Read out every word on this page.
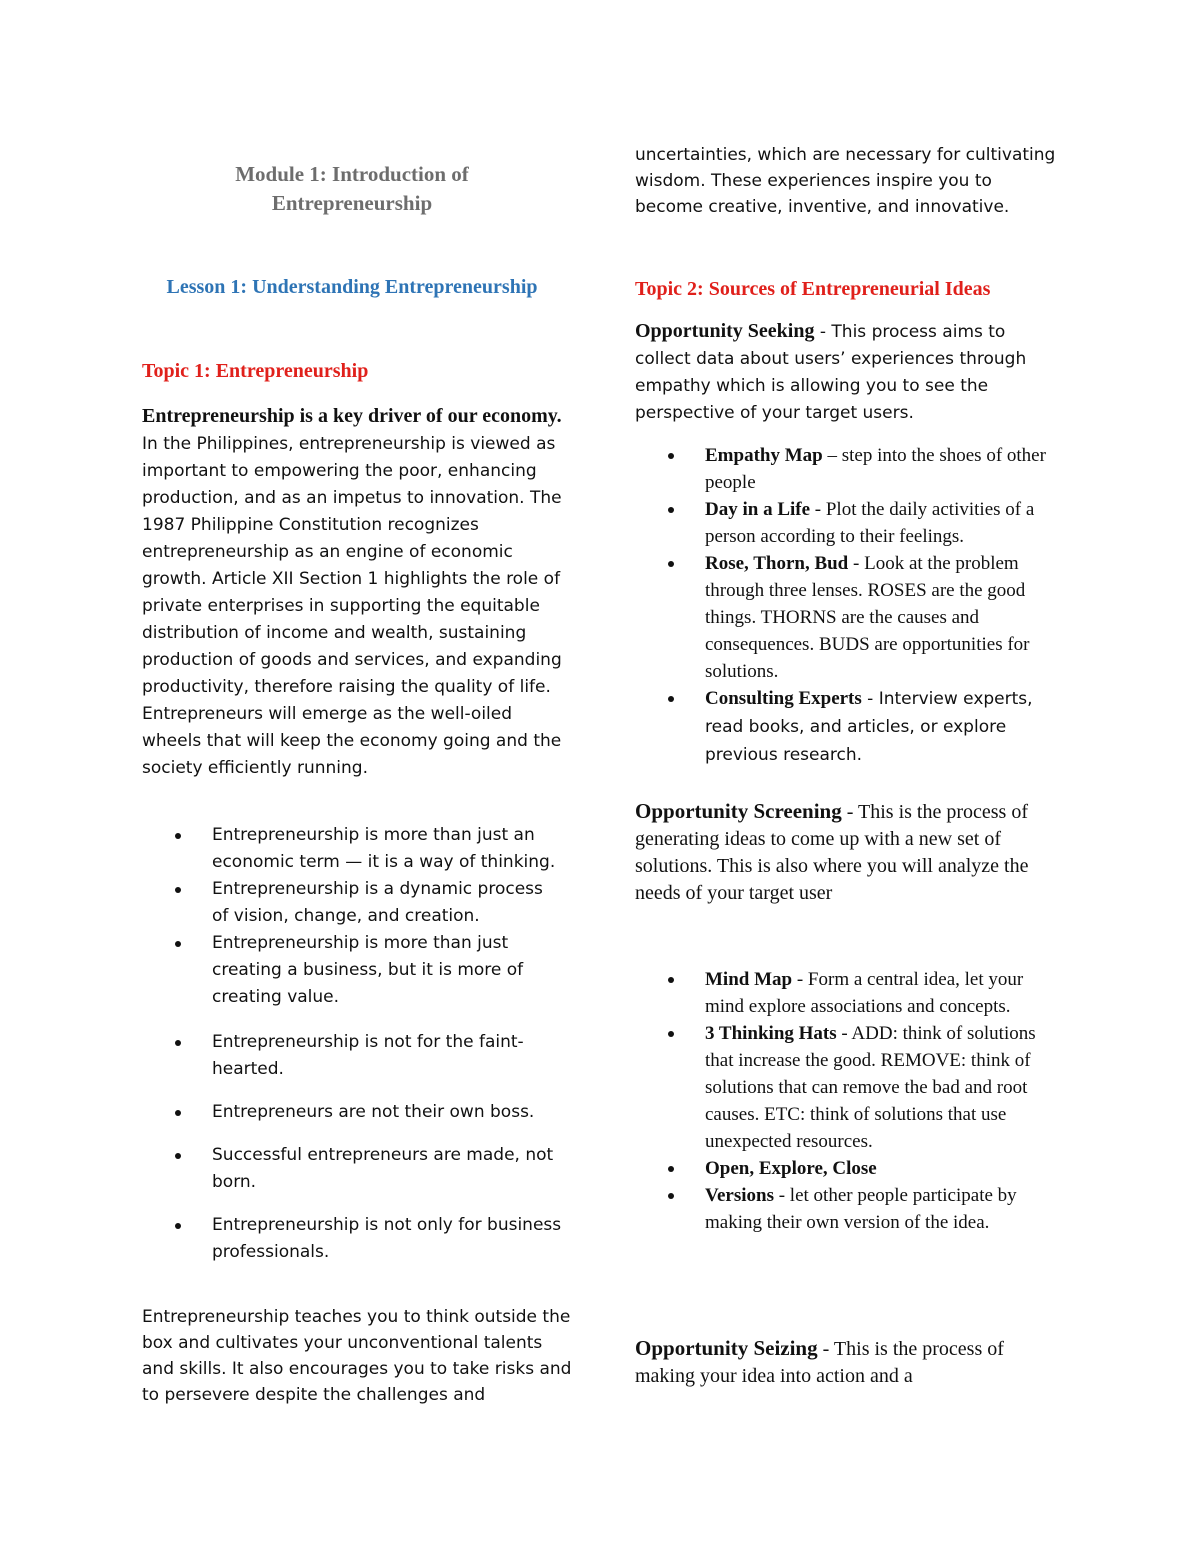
Module 1: Introduction of
Entrepreneurship
Lesson 1: Understanding Entrepreneurship
Topic 1: Entrepreneurship
Entrepreneurship is a key driver of our economy. In the Philippines, entrepreneurship is viewed as important to empowering the poor, enhancing production, and as an impetus to innovation. The 1987 Philippine Constitution recognizes entrepreneurship as an engine of economic growth. Article XII Section 1 highlights the role of private enterprises in supporting the equitable distribution of income and wealth, sustaining production of goods and services, and expanding productivity, therefore raising the quality of life. Entrepreneurs will emerge as the well-oiled wheels that will keep the economy going and the society efficiently running.
Entrepreneurship is more than just an economic term — it is a way of thinking.
Entrepreneurship is a dynamic process of vision, change, and creation.
Entrepreneurship is more than just creating a business, but it is more of creating value.
Entrepreneurship is not for the faint-hearted.
Entrepreneurs are not their own boss.
Successful entrepreneurs are made, not born.
Entrepreneurship is not only for business professionals.
Entrepreneurship teaches you to think outside the box and cultivates your unconventional talents and skills. It also encourages you to take risks and to persevere despite the challenges and
uncertainties, which are necessary for cultivating wisdom. These experiences inspire you to become creative, inventive, and innovative.
Topic 2: Sources of Entrepreneurial Ideas
Opportunity Seeking - This process aims to collect data about users’ experiences through empathy which is allowing you to see the perspective of your target users.
Empathy Map – step into the shoes of other people
Day in a Life - Plot the daily activities of a person according to their feelings.
Rose, Thorn, Bud - Look at the problem through three lenses. ROSES are the good things. THORNS are the causes and consequences. BUDS are opportunities for solutions.
Consulting Experts - Interview experts, read books, and articles, or explore previous research.
Opportunity Screening - This is the process of generating ideas to come up with a new set of solutions. This is also where you will analyze the needs of your target user
Mind Map - Form a central idea, let your mind explore associations and concepts.
3 Thinking Hats - ADD: think of solutions that increase the good. REMOVE: think of solutions that can remove the bad and root causes. ETC: think of solutions that use unexpected resources.
Open, Explore, Close
Versions - let other people participate by making their own version of the idea.
Opportunity Seizing - This is the process of making your idea into action and a
